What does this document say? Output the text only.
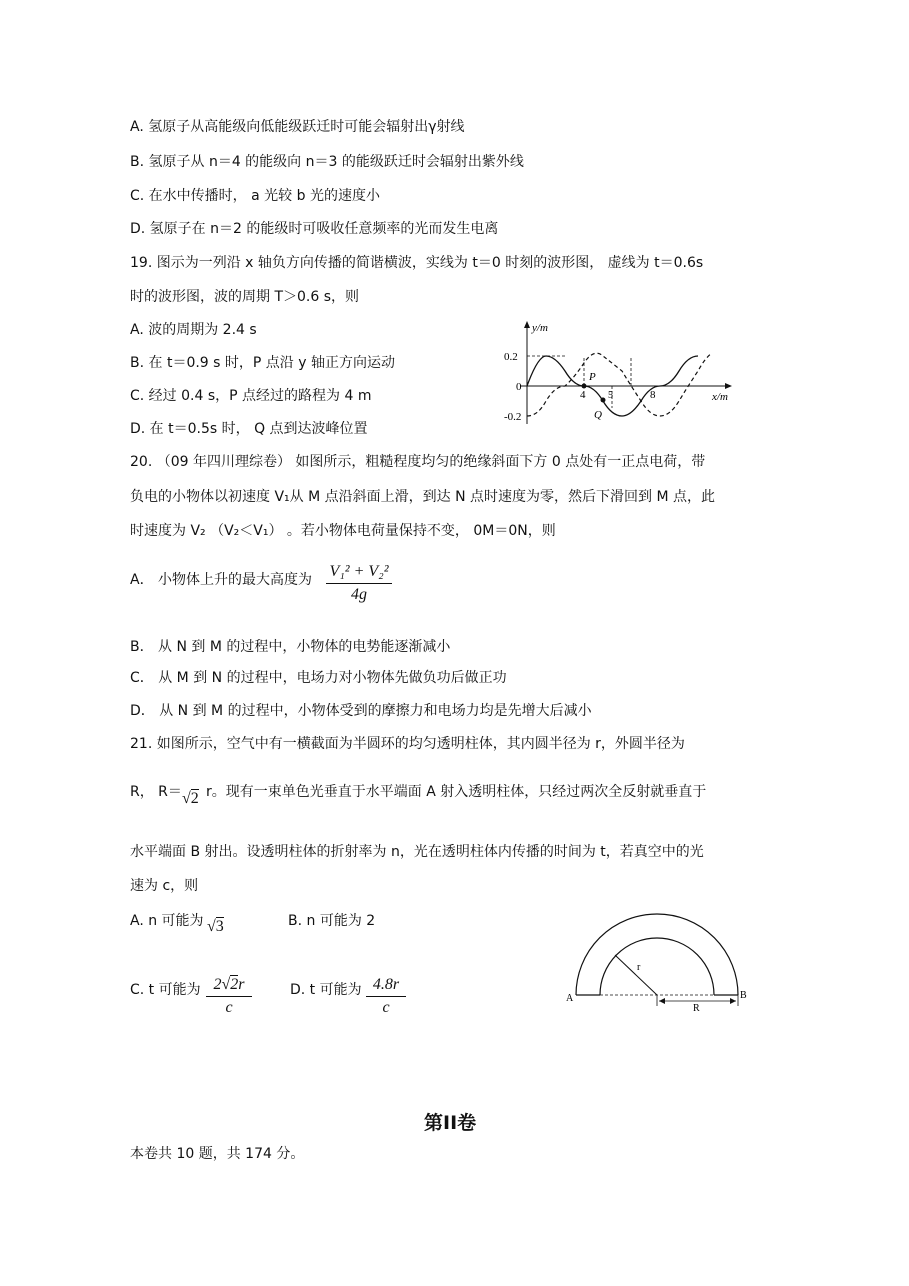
A. 氢原子从高能级向低能级跃迁时可能会辐射出γ射线
B. 氢原子从 n＝4 的能级向 n＝3 的能级跃迁时会辐射出紫外线
C. 在水中传播时， a 光较 b 光的速度小
D. 氢原子在 n＝2 的能级时可吸收任意频率的光而发生电离
19. 图示为一列沿 x 轴负方向传播的简谐横波，实线为 t＝0 时刻的波形图， 虚线为 t＝0.6s
时的波形图，波的周期 T＞0.6 s，则
A. 波的周期为 2.4 s
B. 在 t＝0.9 s 时，P 点沿 y 轴正方向运动
C. 经过 0.4 s，P 点经过的路程为 4 m
D. 在 t＝0.5s 时， Q 点到达波峰位置
y/m
x/m
0.2
0
-0.2
4 5	8
P
Q
20. （09 年四川理综卷） 如图所示，粗糙程度均匀的绝缘斜面下方 0 点处有一正点电荷，带
负电的小物体以初速度 V₁从 M 点沿斜面上滑，到达 N 点时速度为零，然后下滑回到 M 点，此
时速度为 V₂ （V₂＜V₁） 。若小物体电荷量保持不变， 0M＝0N，则
A． 小物体上升的最大高度为 V₁² + V₂²
4g
B． 从 N 到 M 的过程中，小物体的电势能逐渐减小
C． 从 M 到 N 的过程中，电场力对小物体先做负功后做正功
D． 从 N 到 M 的过程中，小物体受到的摩擦力和电场力均是先增大后减小
21. 如图所示，空气中有一横截面为半圆环的均匀透明柱体，其内圆半径为 r，外圆半径为
R， R＝ √2 r。现有一束单色光垂直于水平端面 A 射入透明柱体，只经过两次全反射就垂直于
水平端面 B 射出。设透明柱体的折射率为 n，光在透明柱体内传播的时间为 t，若真空中的光
速为 c，则
A. n 可能为 √3	B. n 可能为 2
C. t 可能为 2√2r
c
D. t 可能为 4.8r
c
A	B
r
R
第II卷
本卷共 10 题，共 174 分。
